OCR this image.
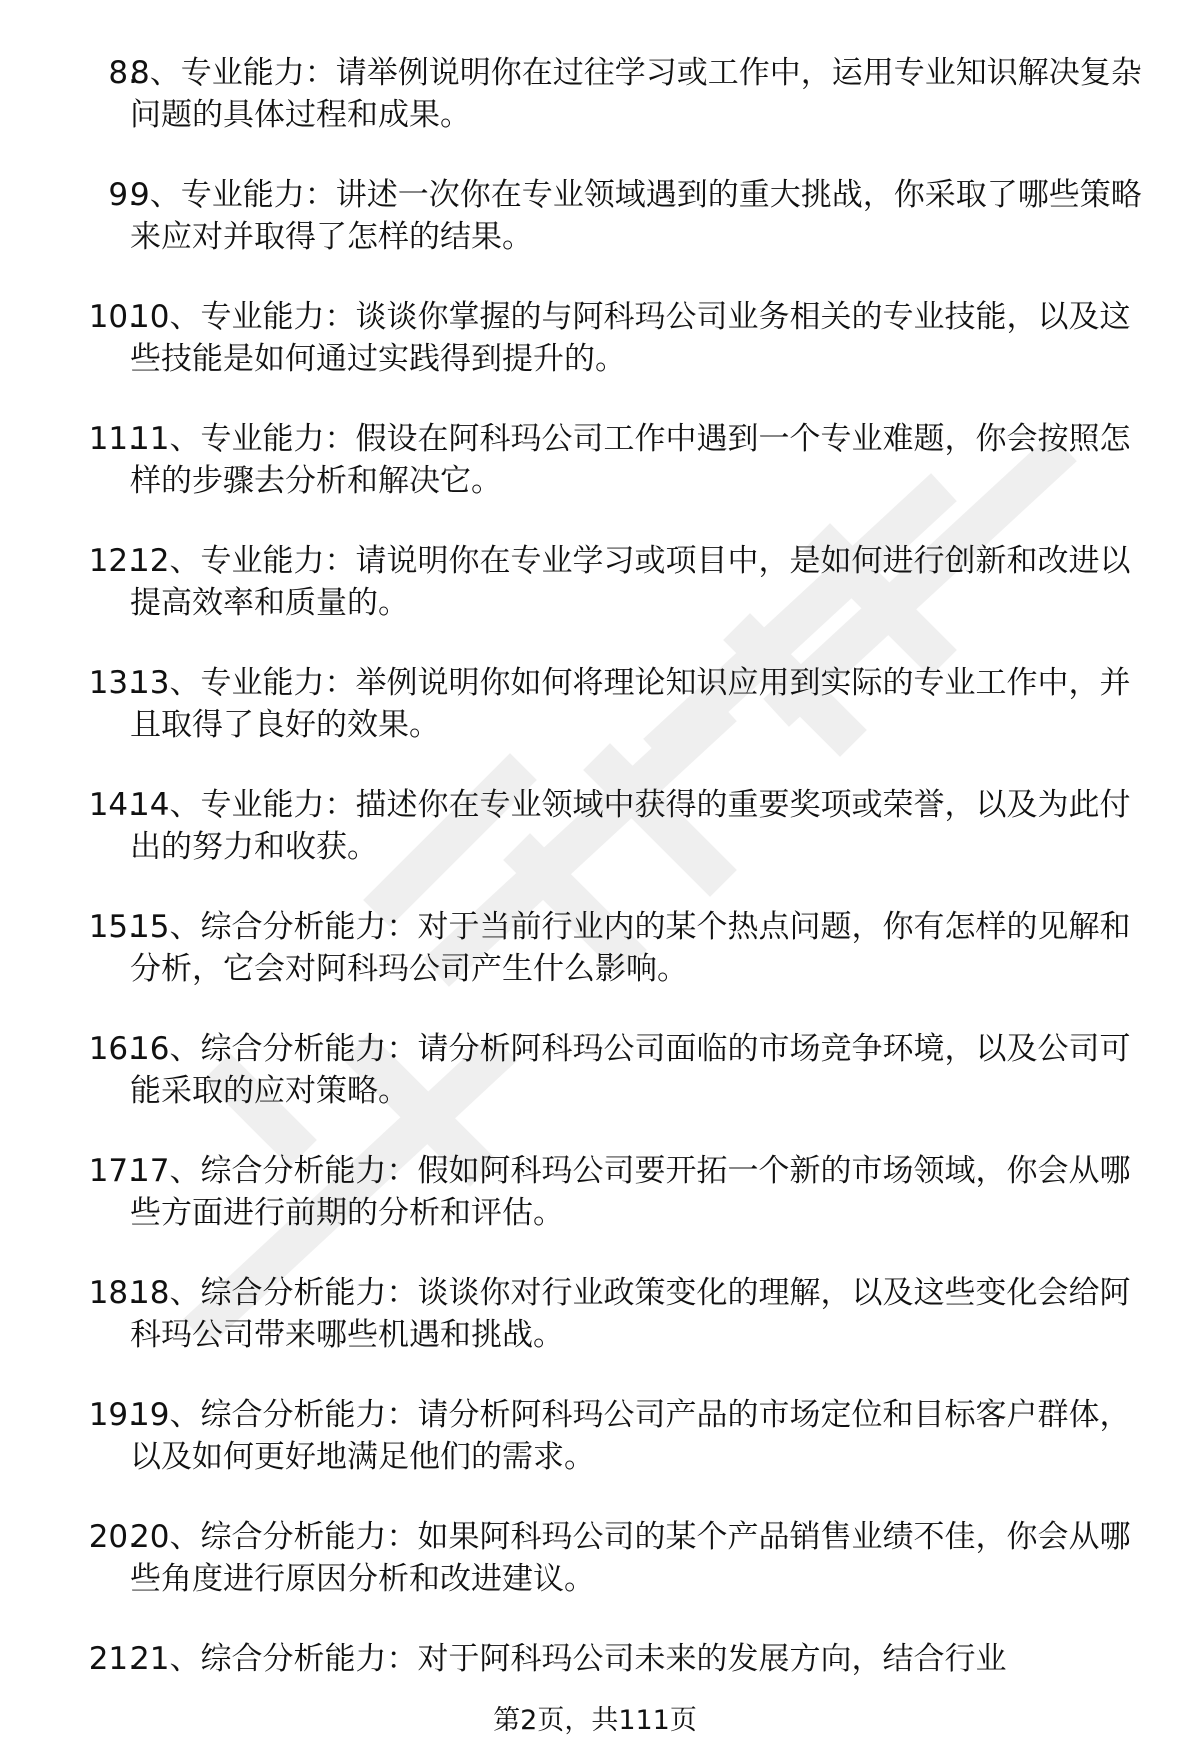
8.
8、专业能力：请举例说明你在过往学习或工作中，运用专业知识解决复杂问题的具体过程和成果。
9.
9、专业能力：讲述一次你在专业领域遇到的重大挑战，你采取了哪些策略来应对并取得了怎样的结果。
10.
10、专业能力：谈谈你掌握的与阿科玛公司业务相关的专业技能，以及这些技能是如何通过实践得到提升的。
11.
11、专业能力：假设在阿科玛公司工作中遇到一个专业难题，你会按照怎样的步骤去分析和解决它。
12.
12、专业能力：请说明你在专业学习或项目中，是如何进行创新和改进以提高效率和质量的。
13.
13、专业能力：举例说明你如何将理论知识应用到实际的专业工作中，并且取得了良好的效果。
14.
14、专业能力：描述你在专业领域中获得的重要奖项或荣誉，以及为此付出的努力和收获。
15.
15、综合分析能力：对于当前行业内的某个热点问题，你有怎样的见解和分析，它会对阿科玛公司产生什么影响。
16.
16、综合分析能力：请分析阿科玛公司面临的市场竞争环境，以及公司可能采取的应对策略。
17.
17、综合分析能力：假如阿科玛公司要开拓一个新的市场领域，你会从哪些方面进行前期的分析和评估。
18.
18、综合分析能力：谈谈你对行业政策变化的理解，以及这些变化会给阿科玛公司带来哪些机遇和挑战。
19.
19、综合分析能力：请分析阿科玛公司产品的市场定位和目标客户群体，以及如何更好地满足他们的需求。
20.
20、综合分析能力：如果阿科玛公司的某个产品销售业绩不佳，你会从哪些角度进行原因分析和改进建议。
21.
21、综合分析能力：对于阿科玛公司未来的发展方向，结合行业
第2页，共111页
